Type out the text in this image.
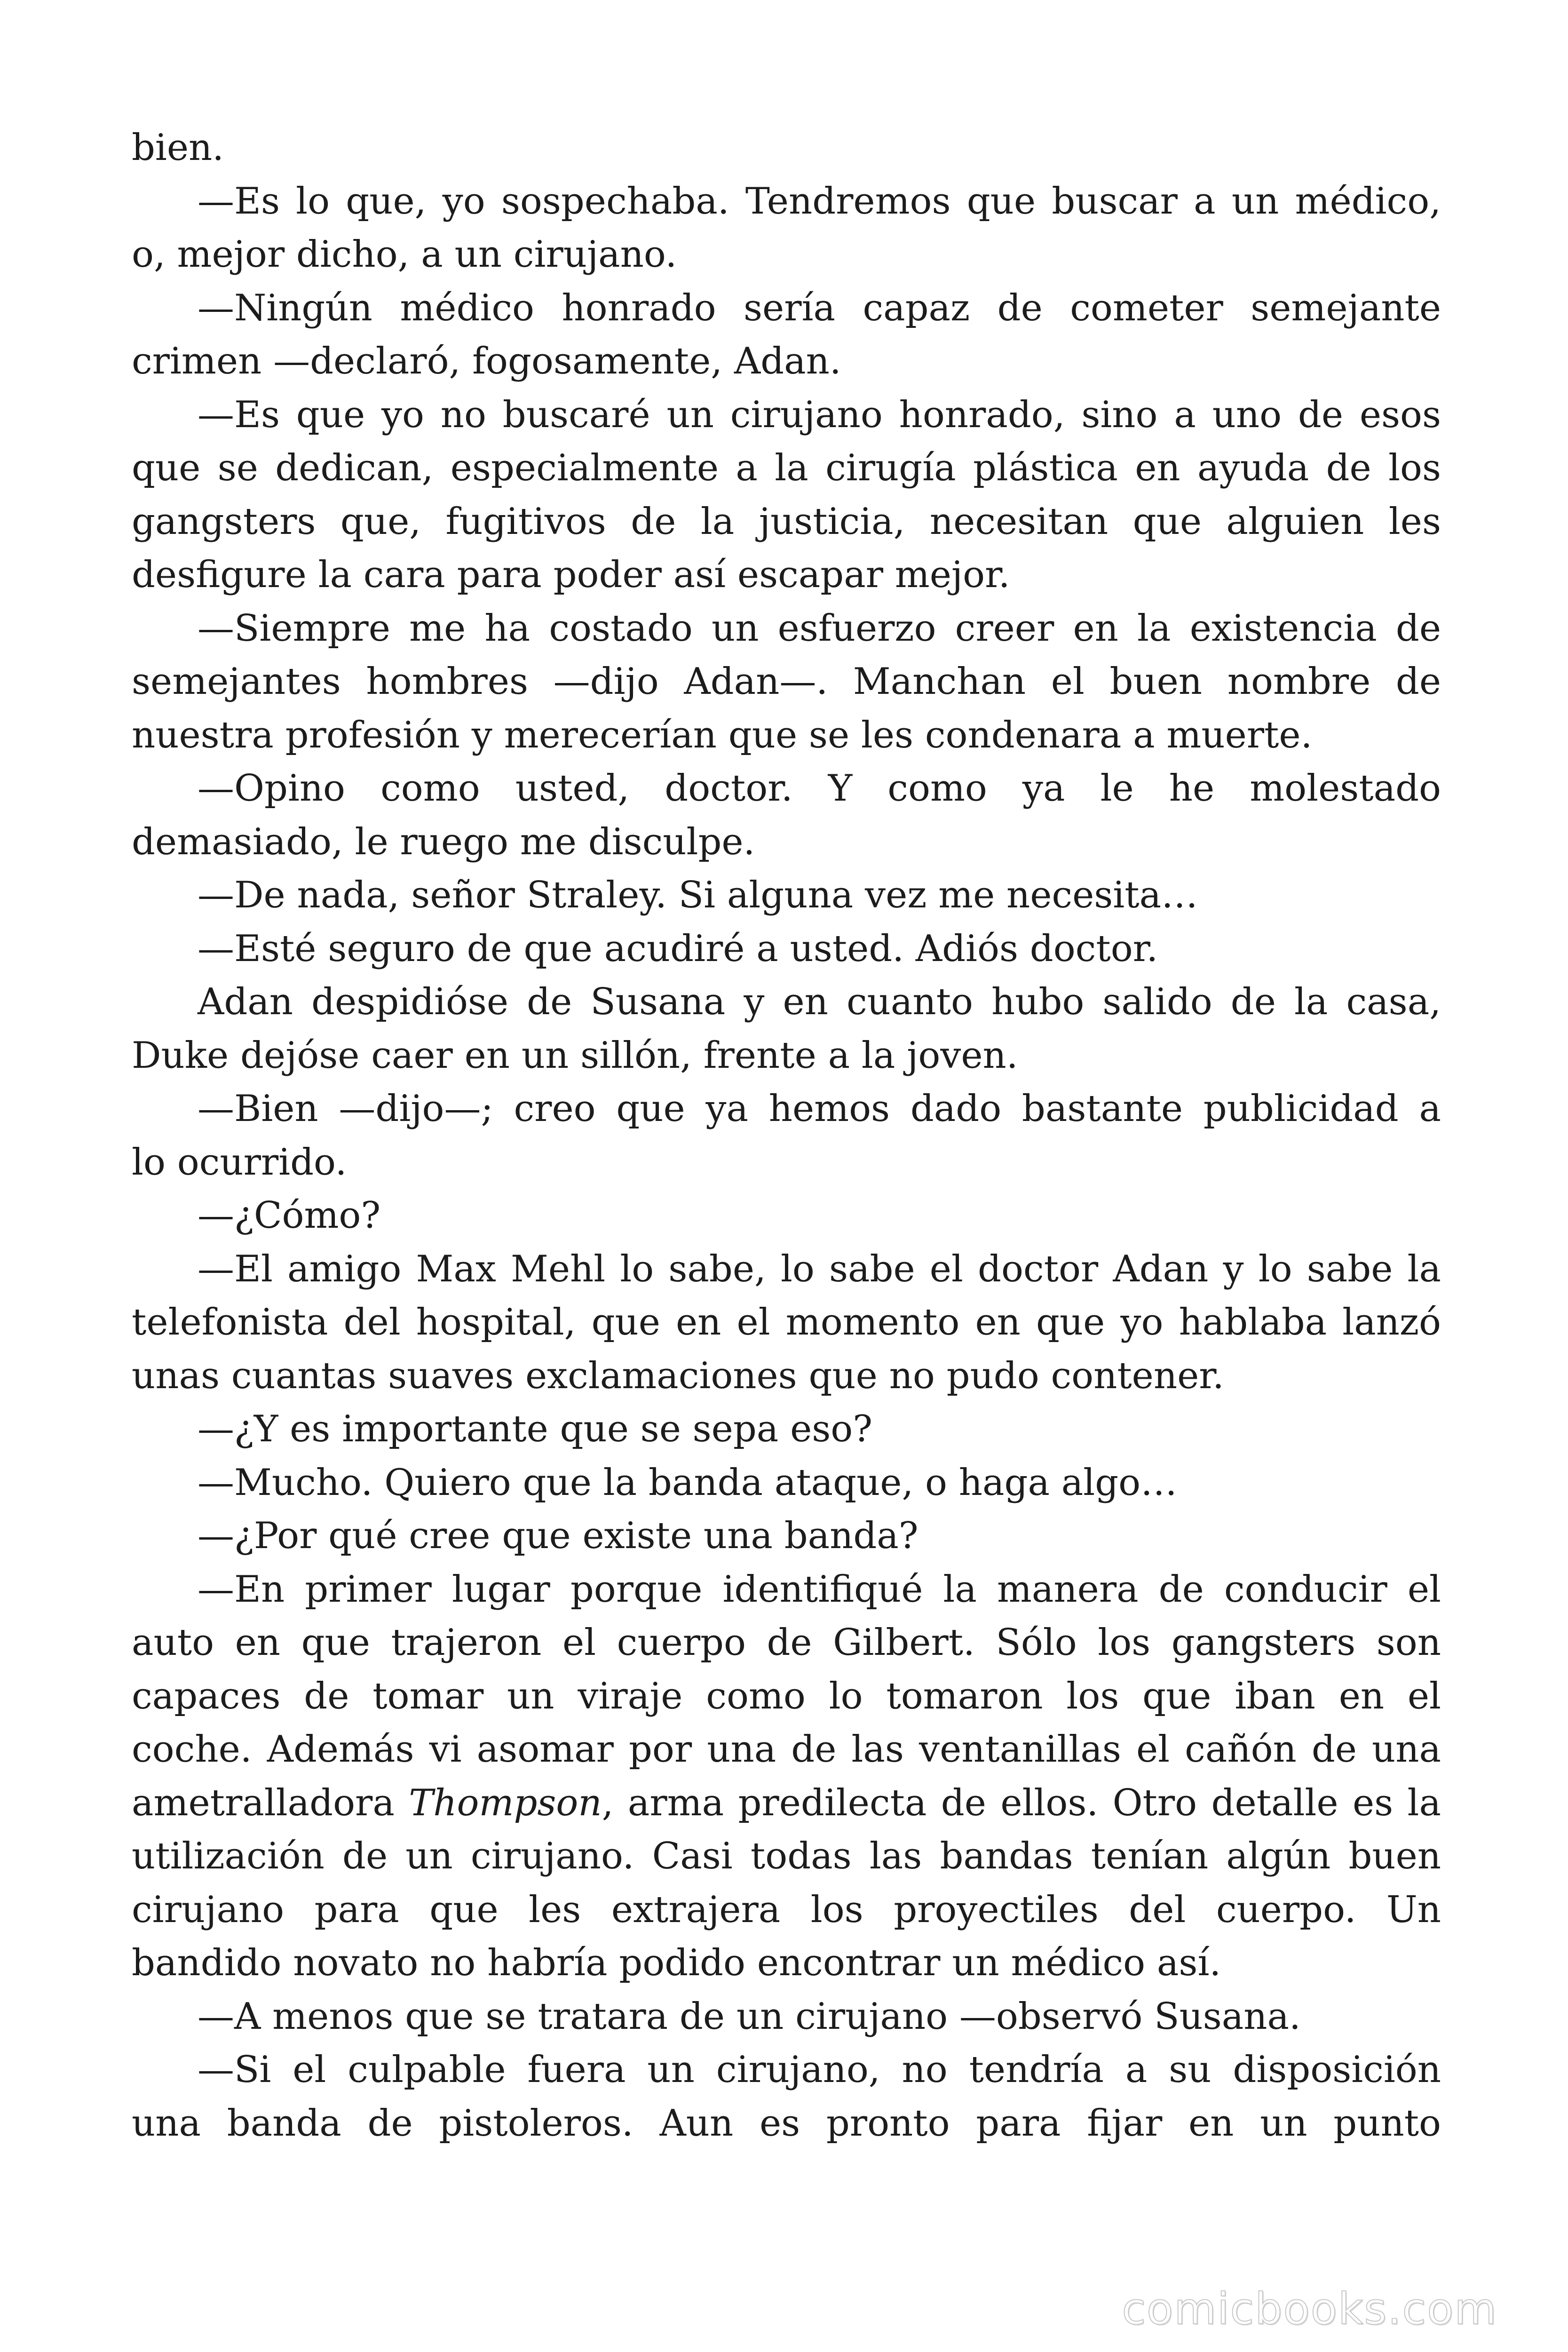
bien.
—Es lo que, yo sospechaba. Tendremos que buscar a un médico,
o, mejor dicho, a un cirujano.
—Ningún médico honrado sería capaz de cometer semejante
crimen —declaró, fogosamente, Adan.
—Es que yo no buscaré un cirujano honrado, sino a uno de esos
que se dedican, especialmente a la cirugía plástica en ayuda de los
gangsters que, fugitivos de la justicia, necesitan que alguien les
desfigure la cara para poder así escapar mejor.
—Siempre me ha costado un esfuerzo creer en la existencia de
semejantes hombres —dijo Adan—. Manchan el buen nombre de
nuestra profesión y merecerían que se les condenara a muerte.
—Opino como usted, doctor. Y como ya le he molestado
demasiado, le ruego me disculpe.
—De nada, señor Straley. Si alguna vez me necesita…
—Esté seguro de que acudiré a usted. Adiós doctor.
Adan despidióse de Susana y en cuanto hubo salido de la casa,
Duke dejóse caer en un sillón, frente a la joven.
—Bien —dijo—; creo que ya hemos dado bastante publicidad a
lo ocurrido.
—¿Cómo?
—El amigo Max Mehl lo sabe, lo sabe el doctor Adan y lo sabe la
telefonista del hospital, que en el momento en que yo hablaba lanzó
unas cuantas suaves exclamaciones que no pudo contener.
—¿Y es importante que se sepa eso?
—Mucho. Quiero que la banda ataque, o haga algo…
—¿Por qué cree que existe una banda?
—En primer lugar porque identifiqué la manera de conducir el
auto en que trajeron el cuerpo de Gilbert. Sólo los gangsters son
capaces de tomar un viraje como lo tomaron los que iban en el
coche. Además vi asomar por una de las ventanillas el cañón de una
ametralladora Thompson, arma predilecta de ellos. Otro detalle es la
utilización de un cirujano. Casi todas las bandas tenían algún buen
cirujano para que les extrajera los proyectiles del cuerpo. Un
bandido novato no habría podido encontrar un médico así.
—A menos que se tratara de un cirujano —observó Susana.
—Si el culpable fuera un cirujano, no tendría a su disposición
una banda de pistoleros. Aun es pronto para fijar en un punto
comicbooks.com
